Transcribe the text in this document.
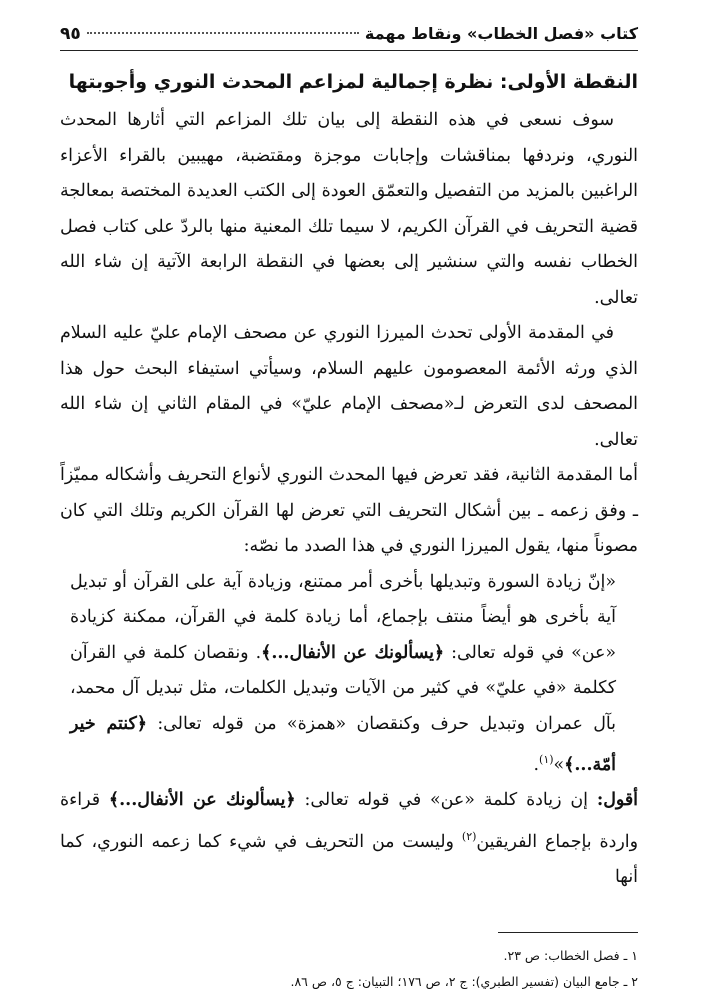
كتاب «فصل الخطاب» ونقاط مهمة
٩٥
النقطة الأولى: نظرة إجمالية لمزاعم المحدث النوري وأجوبتها

سوف نسعى في هذه النقطة إلى بيان تلك المزاعم التي أثارها المحدث النوري، ونردفها بمناقشات وإجابات موجزة ومقتضبة، مهيبين بالقراء الأعزاء الراغبين بالمزيد من التفصيل والتعمّق العودة إلى الكتب العديدة المختصة بمعالجة قضية التحريف في القرآن الكريم، لا سيما تلك المعنية منها بالردّ على كتاب فصل الخطاب نفسه والتي سنشير إلى بعضها في النقطة الرابعة الآتية إن شاء الله تعالى.

في المقدمة الأولى تحدث الميرزا النوري عن مصحف الإمام عليّ عليه السلام الذي ورثه الأئمة المعصومون عليهم السلام، وسيأتي استيفاء البحث حول هذا المصحف لدى التعرض لـ«مصحف الإمام عليّ» في المقام الثاني إن شاء الله تعالى.

أما المقدمة الثانية، فقد تعرض فيها المحدث النوري لأنواع التحريف وأشكاله مميّزاً ـ وفق زعمه ـ بين أشكال التحريف التي تعرض لها القرآن الكريم وتلك التي كان مصوناً منها، يقول الميرزا النوري في هذا الصدد ما نصّه:

«إنّ زيادة السورة وتبديلها بأخرى أمر ممتنع، وزيادة آية على القرآن أو تبديل آية بأخرى هو أيضاً منتف بإجماع، أما زيادة كلمة في القرآن، ممكنة كزيادة «عن» في قوله تعالى: ﴿يسألونك عن الأنفال...﴾. ونقصان كلمة في القرآن ككلمة «في عليّ» في كثير من الآيات وتبديل الكلمات، مثل تبديل آل محمد، بآل عمران وتبديل حرف وكنقصان «همزة» من قوله تعالى: ﴿كنتم خير أمّة...﴾»$^{(١)}$.

أقول: إن زيادة كلمة «عن» في قوله تعالى: ﴿يسألونك عن الأنفال...﴾ قراءة واردة بإجماع الفريقين$^{(٢)}$ وليست من التحريف في شيء كما زعمه النوري، كما أنها

١ ـ فصل الخطاب: ص ٢٣.

٢ ـ جامع البيان (تفسير الطبري): ج ٢، ص ١٧٦؛ التبيان: ج ٥، ص ٨٦.
